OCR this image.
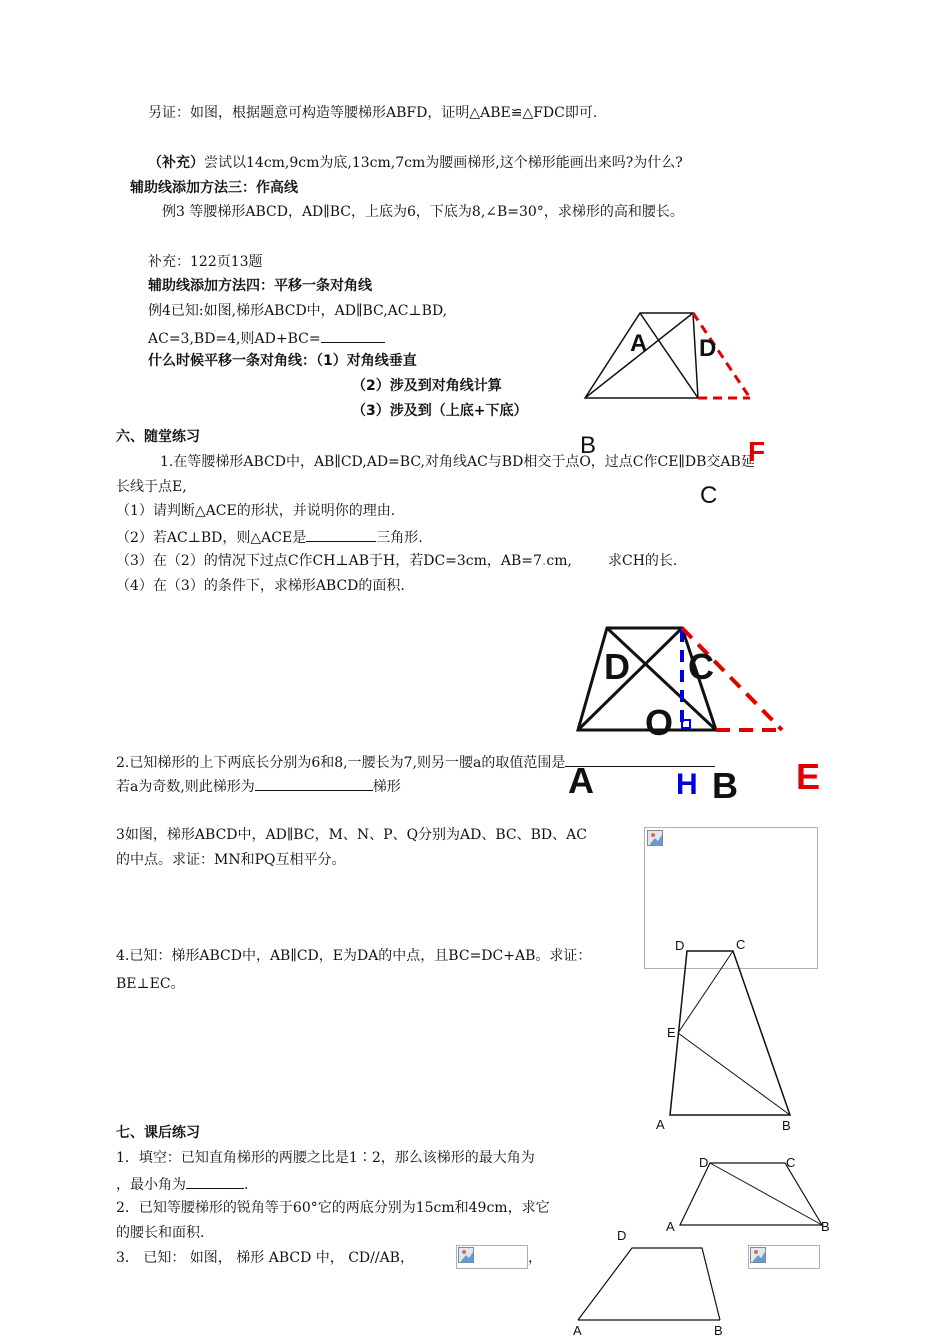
另证：如图，根据题意可构造等腰梯形ABFD，证明△ABE≌△FDC即可.
（补充）尝试以14cm,9cm为底,13cm,7cm为腰画梯形,这个梯形能画出来吗?为什么?
辅助线添加方法三：作高线
例3 等腰梯形ABCD，AD∥BC，上底为6，下底为8,∠B=30°，求梯形的高和腰长。
补充：122页13题
辅助线添加方法四：平移一条对角线
例4已知:如图,梯形ABCD中，AD∥BC,AC⊥BD,
AC=3,BD=4,则AD+BC=
什么时候平移一条对角线：（1）对角线垂直
（2）涉及到对角线计算
（3）涉及到（上底+下底）
六、随堂练习
1.在等腰梯形ABCD中，AB∥CD,AD=BC,对角线AC与BD相交于点O，过点C作CE∥DB交AB延
长线于点E,
（1）请判断△ACE的形状，并说明你的理由.
（2）若AC⊥BD，则△ACE是	三角形.
（3）在（2）的情况下过点C作CH⊥AB于H，若DC=3cm，AB=7.cm,	求CH的长.
（4）在（3）的条件下，求梯形ABCD的面积.
2.已知梯形的上下两底长分别为6和8,一腰长为7,则另一腰a的取值范围是
若a为奇数,则此梯形为	梯形
3如图，梯形ABCD中，AD∥BC，M、N、P、Q分别为AD、BC、BD、AC
的中点。求证：MN和PQ互相平分。
4.已知：梯形ABCD中，AB∥CD，E为DA的中点，且BC=DC+AB。求证：
BE⊥EC。
七、课后练习
1．填空：已知直角梯形的两腰之比是1∶2，那么该梯形的最大角为
，最小角为	.
2．已知等腰梯形的锐角等于60°它的两底分别为15cm和49cm，求它
的腰长和面积.
3． 已知： 如图， 梯形 ABCD 中， CD//AB，	，
A D
B	F
C
D C
O
A	H B E
D	C
E
A	B
D	C
A	B
D
A	B
